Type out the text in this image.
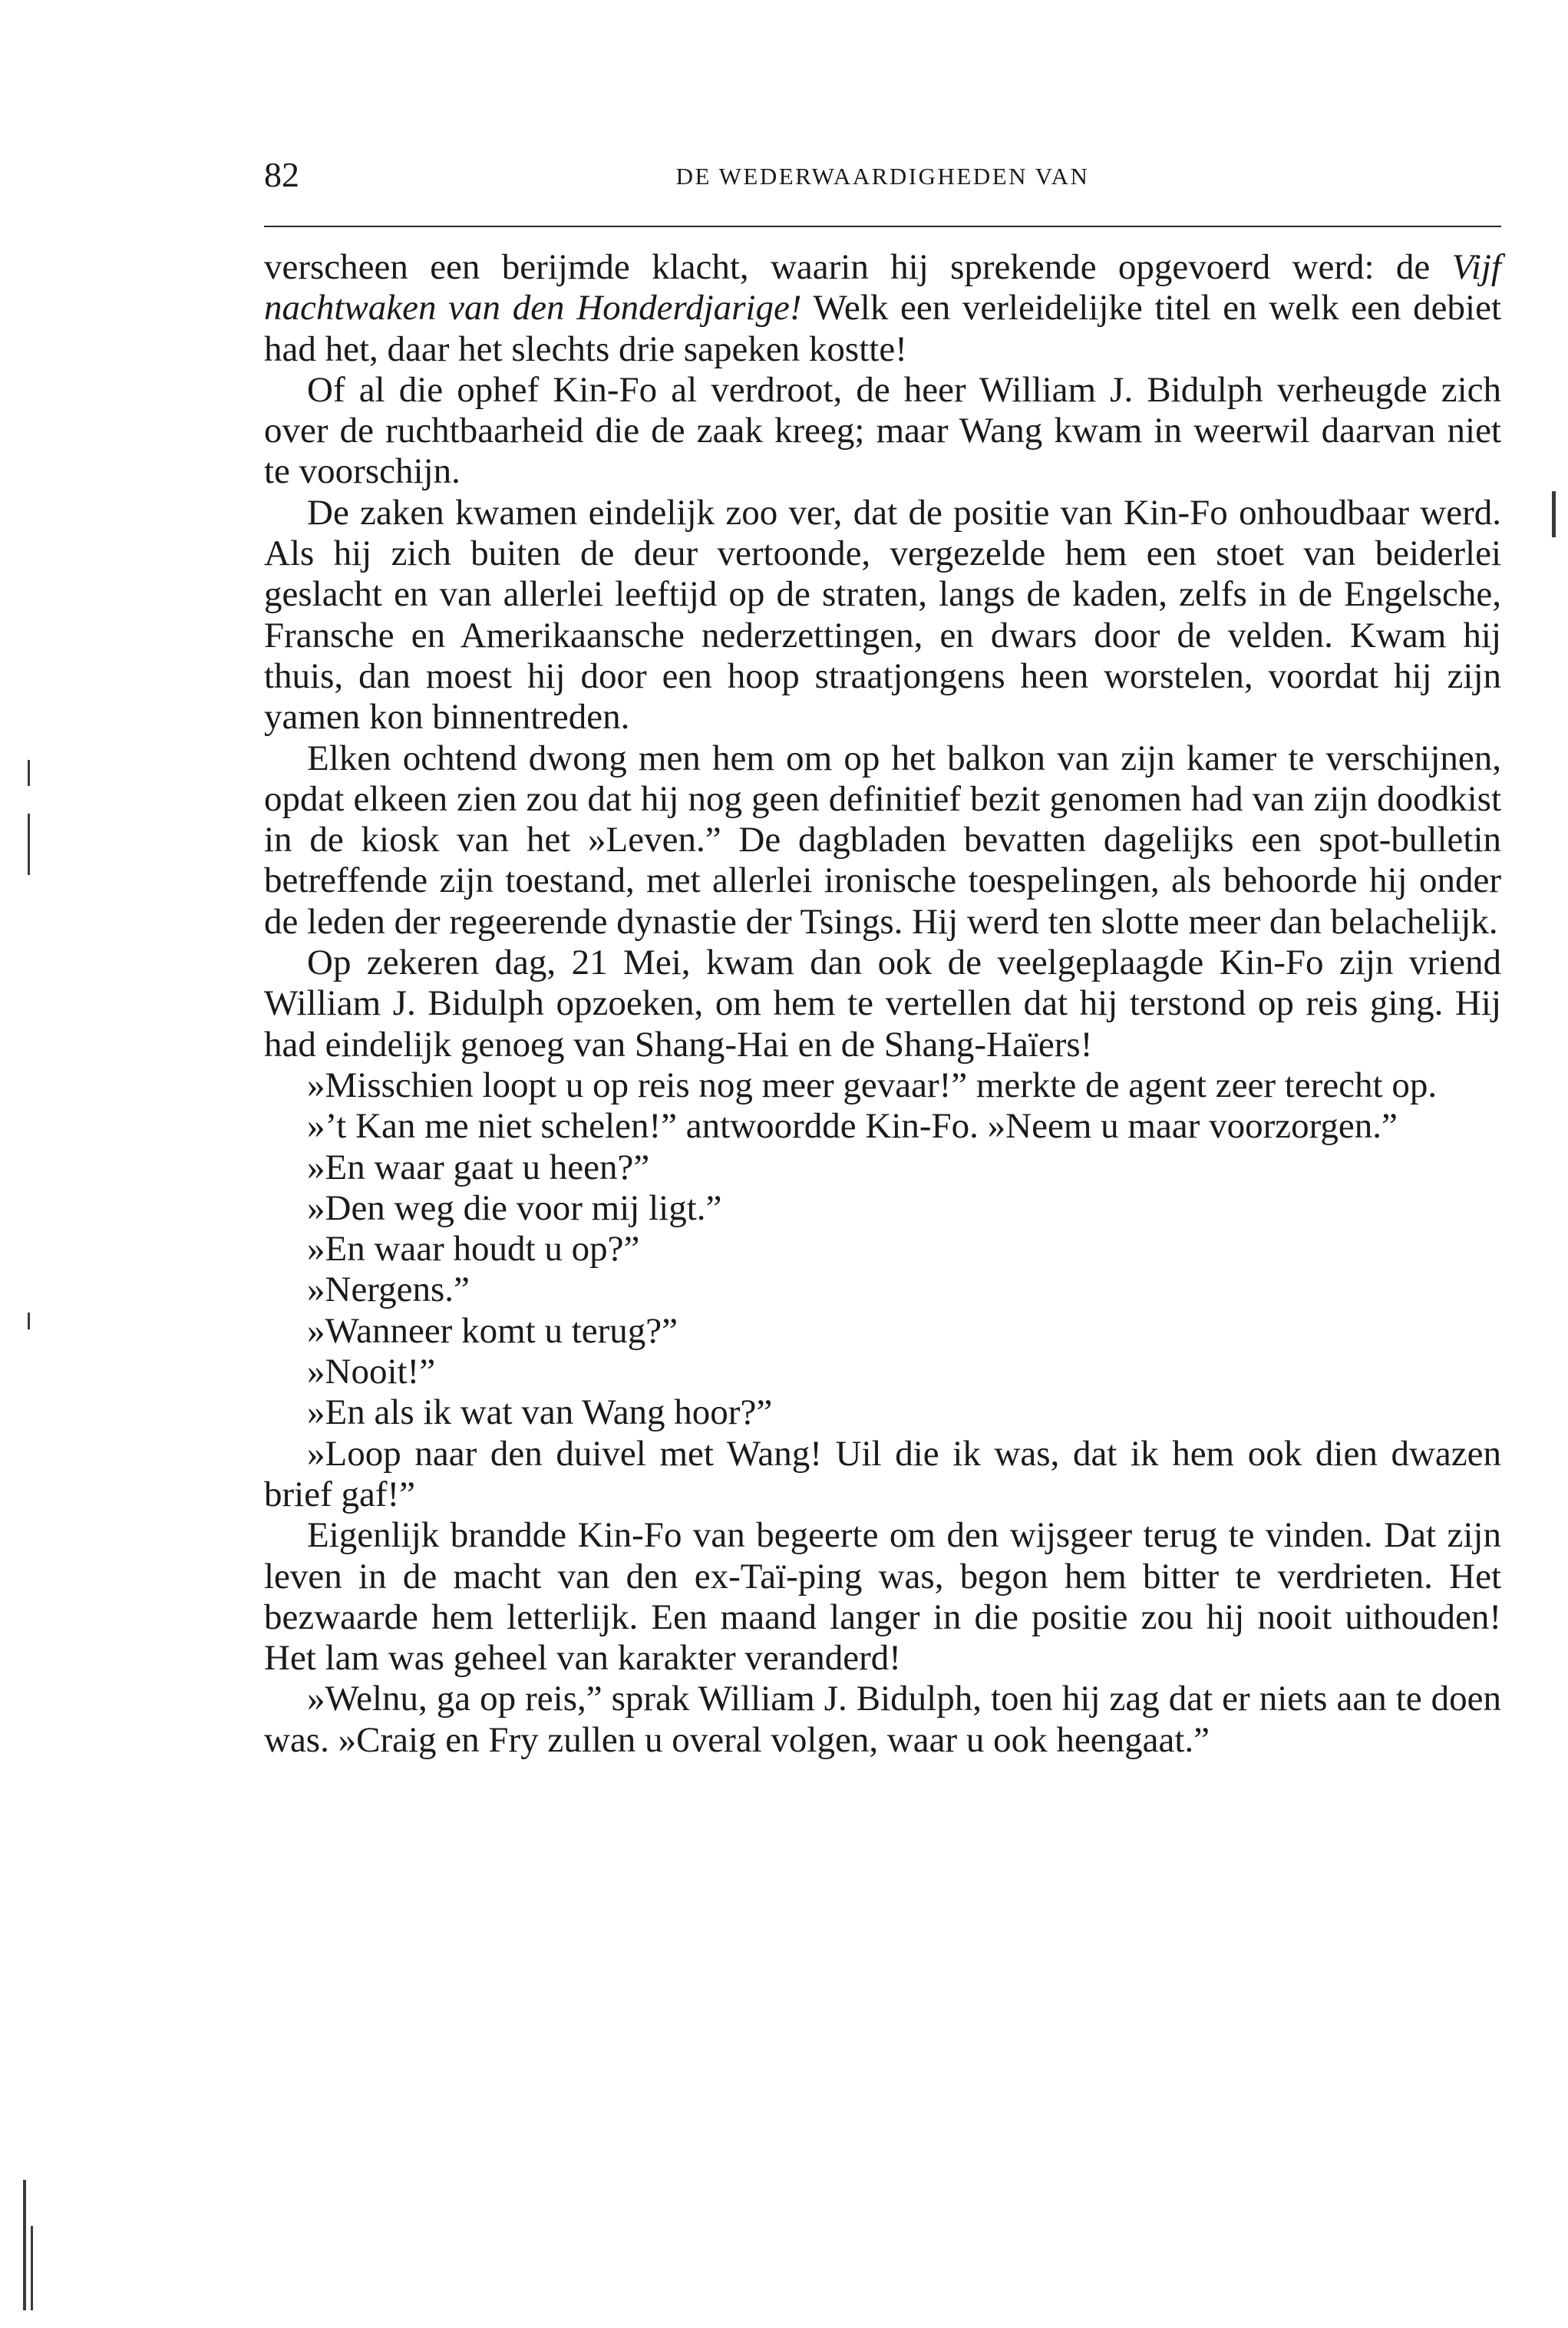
82	DE WEDERWAARDIGHEDEN VAN

verscheen een berijmde klacht, waarin hij sprekende opgevoerd werd: de Vijf nachtwaken van den Honderdjarige! Welk een verleidelijke titel en welk een debiet had het, daar het slechts drie sapeken kostte!

Of al die ophef Kin-Fo al verdroot, de heer William J. Bidulph verheugde zich over de ruchtbaarheid die de zaak kreeg; maar Wang kwam in weerwil daarvan niet te voorschijn.

De zaken kwamen eindelijk zoo ver, dat de positie van Kin-Fo onhoudbaar werd. Als hij zich buiten de deur vertoonde, vergezelde hem een stoet van beiderlei geslacht en van allerlei leeftijd op de straten, langs de kaden, zelfs in de Engelsche, Fransche en Amerikaansche nederzettingen, en dwars door de velden. Kwam hij thuis, dan moest hij door een hoop straatjongens heen worstelen, voordat hij zijn yamen kon binnentreden.

Elken ochtend dwong men hem om op het balkon van zijn kamer te verschijnen, opdat elkeen zien zou dat hij nog geen definitief bezit genomen had van zijn doodkist in de kiosk van het »Leven.” De dagbladen bevatten dagelijks een spot-bulletin betreffende zijn toestand, met allerlei ironische toespelingen, als behoorde hij onder de leden der regeerende dynastie der Tsings. Hij werd ten slotte meer dan belachelijk.

Op zekeren dag, 21 Mei, kwam dan ook de veelgeplaagde Kin-Fo zijn vriend William J. Bidulph opzoeken, om hem te vertellen dat hij terstond op reis ging. Hij had eindelijk genoeg van Shang-Hai en de Shang-Haïers!

»Misschien loopt u op reis nog meer gevaar!” merkte de agent zeer terecht op.

»’t Kan me niet schelen!” antwoordde Kin-Fo. »Neem u maar voorzorgen.”

»En waar gaat u heen?”

»Den weg die voor mij ligt.”

»En waar houdt u op?”

»Nergens.”

»Wanneer komt u terug?”

»Nooit!”

»En als ik wat van Wang hoor?”

»Loop naar den duivel met Wang! Uil die ik was, dat ik hem ook dien dwazen brief gaf!”

Eigenlijk brandde Kin-Fo van begeerte om den wijsgeer terug te vinden. Dat zijn leven in de macht van den ex-Taï-ping was, begon hem bitter te verdrieten. Het bezwaarde hem letterlijk. Een maand langer in die positie zou hij nooit uithouden! Het lam was geheel van karakter veranderd!

»Welnu, ga op reis,” sprak William J. Bidulph, toen hij zag dat er niets aan te doen was. »Craig en Fry zullen u overal volgen, waar u ook heengaat.”
